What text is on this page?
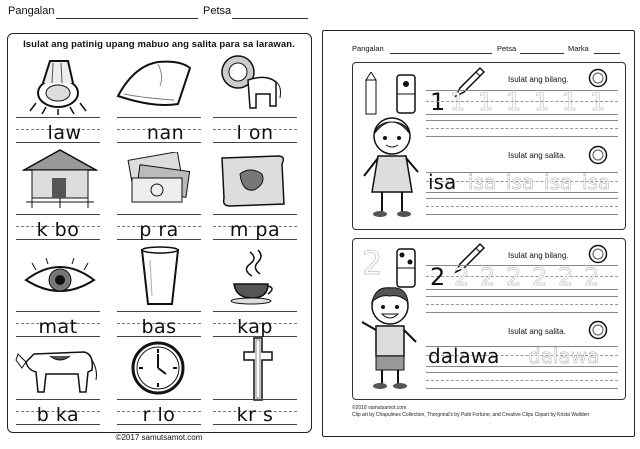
Pangalan	Petsa
Isulat ang patinig upang mabuo ang salita para sa larawan.
law	nan	l on
k bo	p ra	m pa
mat	bas	kap
b ka	r lo	kr s
©2017 samutsamot.com
Pangalan	Petsa	Marka
Isulat ang bilang.
1 1 1 1 1 1 1
Isulat ang salita.
isa isa isa isa isa
2	Isulat ang bilang.
2 2 2 2 2 2 2
Isulat ang salita.
dalawa dalawa
©2018 samutsamot.com
Clip art by Chapulines Collection, Thorgrinal's by Patti Fortune, and Creative Clips Clipart by Krista Wallden
